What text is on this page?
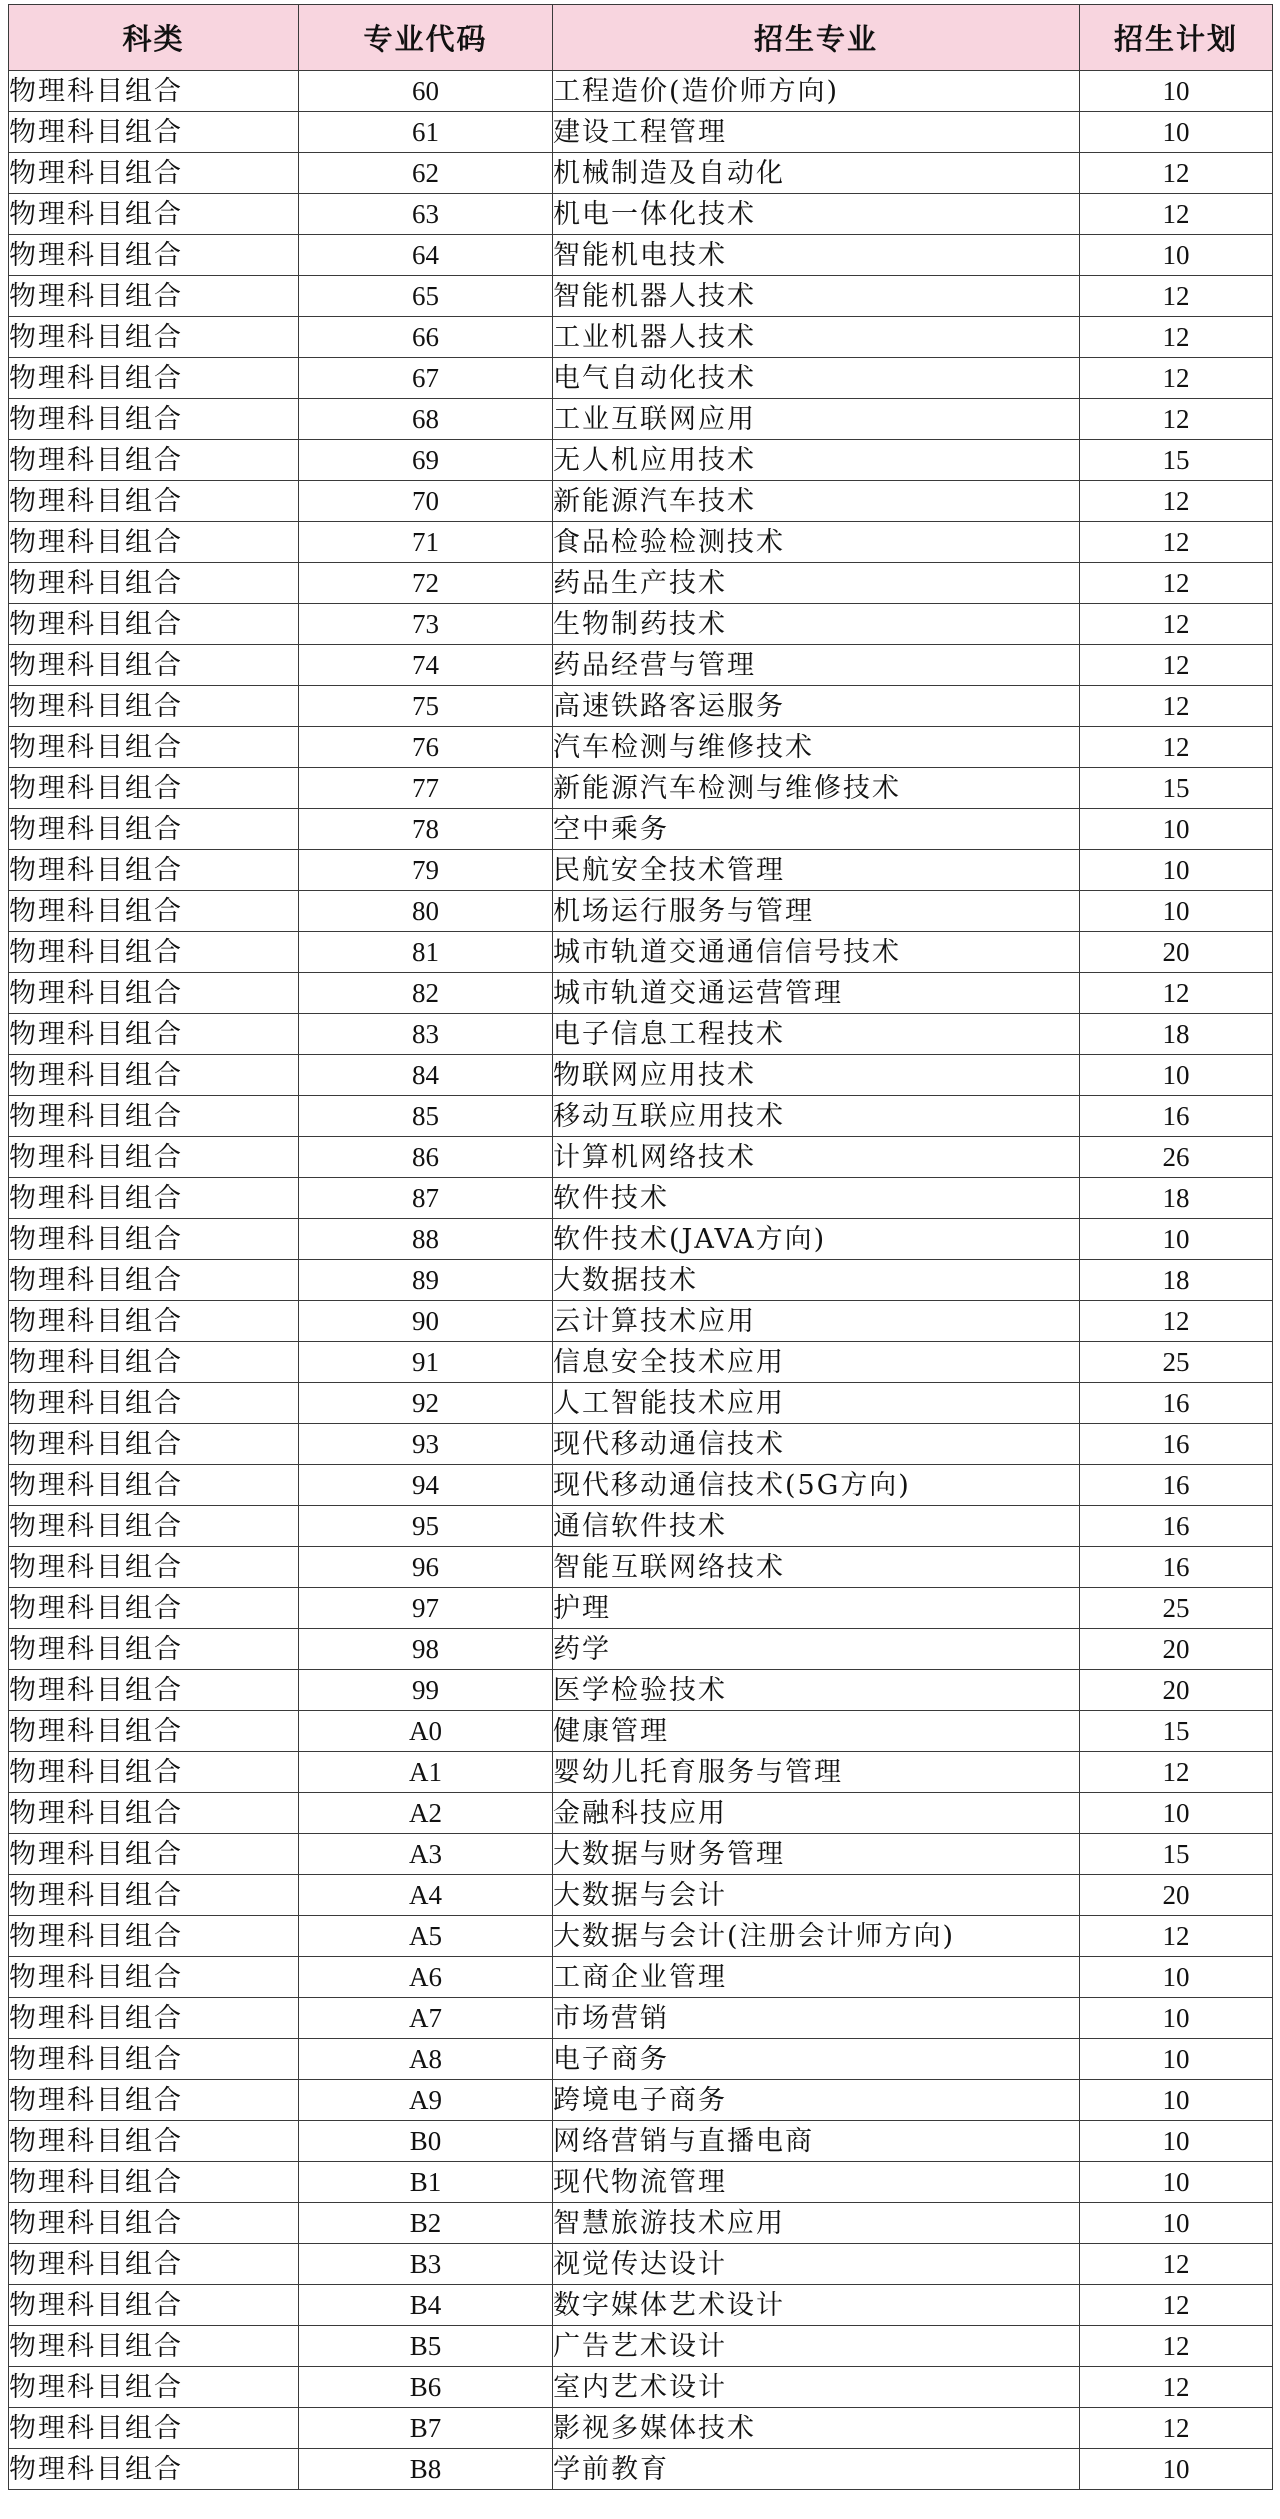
科类	专业代码	招生专业	招生计划
物理科目组合	60	工程造价(造价师方向)	10
物理科目组合	61	建设工程管理	10
物理科目组合	62	机械制造及自动化	12
物理科目组合	63	机电一体化技术	12
物理科目组合	64	智能机电技术	10
物理科目组合	65	智能机器人技术	12
物理科目组合	66	工业机器人技术	12
物理科目组合	67	电气自动化技术	12
物理科目组合	68	工业互联网应用	12
物理科目组合	69	无人机应用技术	15
物理科目组合	70	新能源汽车技术	12
物理科目组合	71	食品检验检测技术	12
物理科目组合	72	药品生产技术	12
物理科目组合	73	生物制药技术	12
物理科目组合	74	药品经营与管理	12
物理科目组合	75	高速铁路客运服务	12
物理科目组合	76	汽车检测与维修技术	12
物理科目组合	77	新能源汽车检测与维修技术	15
物理科目组合	78	空中乘务	10
物理科目组合	79	民航安全技术管理	10
物理科目组合	80	机场运行服务与管理	10
物理科目组合	81	城市轨道交通通信信号技术	20
物理科目组合	82	城市轨道交通运营管理	12
物理科目组合	83	电子信息工程技术	18
物理科目组合	84	物联网应用技术	10
物理科目组合	85	移动互联应用技术	16
物理科目组合	86	计算机网络技术	26
物理科目组合	87	软件技术	18
物理科目组合	88	软件技术(JAVA方向)	10
物理科目组合	89	大数据技术	18
物理科目组合	90	云计算技术应用	12
物理科目组合	91	信息安全技术应用	25
物理科目组合	92	人工智能技术应用	16
物理科目组合	93	现代移动通信技术	16
物理科目组合	94	现代移动通信技术(5G方向)	16
物理科目组合	95	通信软件技术	16
物理科目组合	96	智能互联网络技术	16
物理科目组合	97	护理	25
物理科目组合	98	药学	20
物理科目组合	99	医学检验技术	20
物理科目组合	A0	健康管理	15
物理科目组合	A1	婴幼儿托育服务与管理	12
物理科目组合	A2	金融科技应用	10
物理科目组合	A3	大数据与财务管理	15
物理科目组合	A4	大数据与会计	20
物理科目组合	A5	大数据与会计(注册会计师方向)	12
物理科目组合	A6	工商企业管理	10
物理科目组合	A7	市场营销	10
物理科目组合	A8	电子商务	10
物理科目组合	A9	跨境电子商务	10
物理科目组合	B0	网络营销与直播电商	10
物理科目组合	B1	现代物流管理	10
物理科目组合	B2	智慧旅游技术应用	10
物理科目组合	B3	视觉传达设计	12
物理科目组合	B4	数字媒体艺术设计	12
物理科目组合	B5	广告艺术设计	12
物理科目组合	B6	室内艺术设计	12
物理科目组合	B7	影视多媒体技术	12
物理科目组合	B8	学前教育	10
